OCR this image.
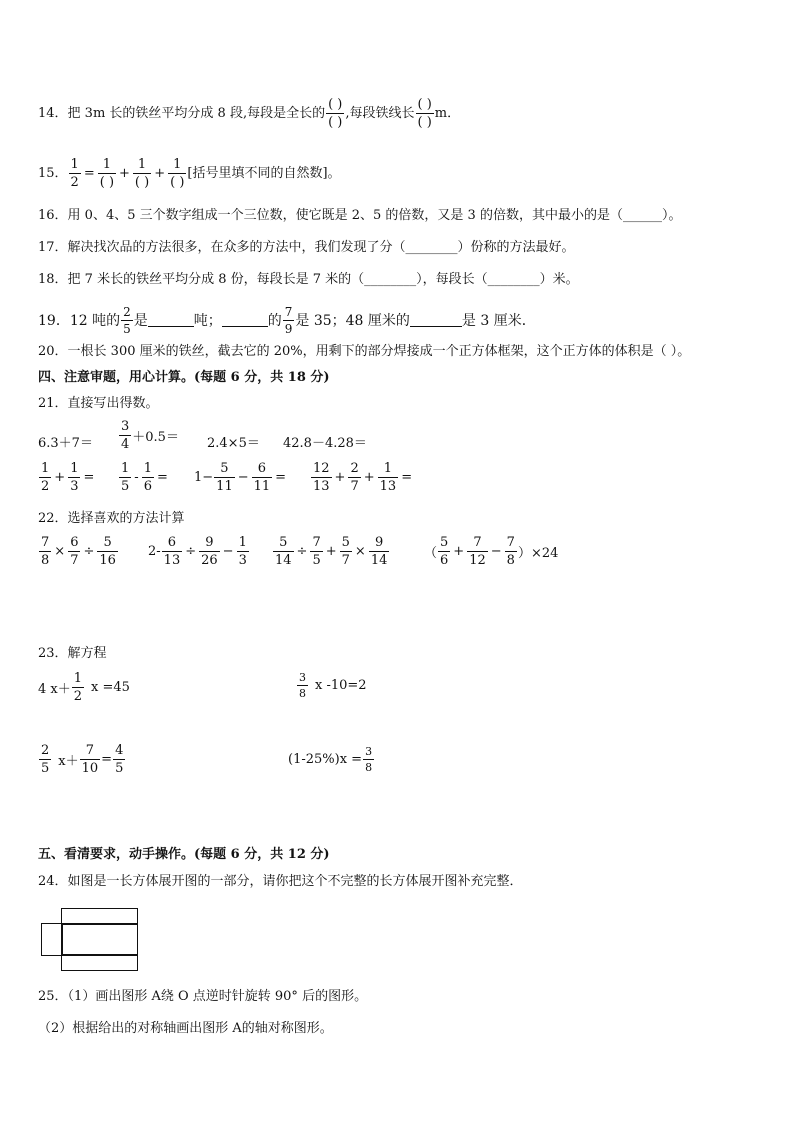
14． 把 3m 长的铁丝平均分成 8 段,每段是全长的 $\frac{( )}{( )}$ ,每段铁线长 $\frac{( )}{( )}$ m．
15． $\frac{1}{2} = \frac{1}{( )} + \frac{1}{( )} + \frac{1}{( )}$ [括号里填不同的自然数]。
16．用 0、4、5 三个数字组成一个三位数，使它既是 2、5 的倍数，又是 3 的倍数，其中最小的是（______）。
17．解决找次品的方法很多，在众多的方法中，我们发现了分（________）份称的方法最好。
18．把 7 米长的铁丝平均分成 8 份，每段长是 7 米的（________），每段长（________）米。
19．12 吨的 $\frac{2}{5}$ 是	吨；	的 $\frac{7}{9}$ 是 35；48 厘米的	是 3 厘米．
20．一根长 300 厘米的铁丝，截去它的 20%，用剩下的部分焊接成一个正方体框架，这个正方体的体积是（ ）。
四、注意审题，用心计算。(每题 6 分，共 18 分)
21．直接写出得数。
$6.3+7= \frac{3}{4} +0.5= 2.4\times 5= 42.8-4.28=$
$\frac{1}{2} + \frac{1}{3} = \frac{1}{5} - \frac{1}{6} = 1- \frac{5}{11} - \frac{6}{11} = \frac{12}{13} + \frac{2}{7} + \frac{1}{13}$ =
22．选择喜欢的方法计算
$\frac{7}{8} \times \frac{6}{7} \div \frac{5}{16} 2- \frac{6}{13} \div \frac{9}{26} - \frac{1}{3} \frac{5}{14} \div \frac{7}{5} + \frac{5}{7} \times \frac{9}{14}$	（ $\frac{5}{6} + \frac{7}{12} - \frac{7}{8} )\times 24$
23．解方程
4 $x+ \frac{1}{2}$ x =45	$\frac{3}{8}$ x -10=2
$\frac{2}{5} x+ \frac{7}{10} = \frac{4}{5}$	$(1-25\%)x = \frac{3}{8}$
五、看清要求，动手操作。(每题 6 分，共 12 分)
24．如图是一长方体展开图的一部分，请你把这个不完整的长方体展开图补充完整．
25．（1）画出图形 A绕 O 点逆时针旋转 90° 后的图形。
（2）根据给出的对称轴画出图形 A的轴对称图形。
